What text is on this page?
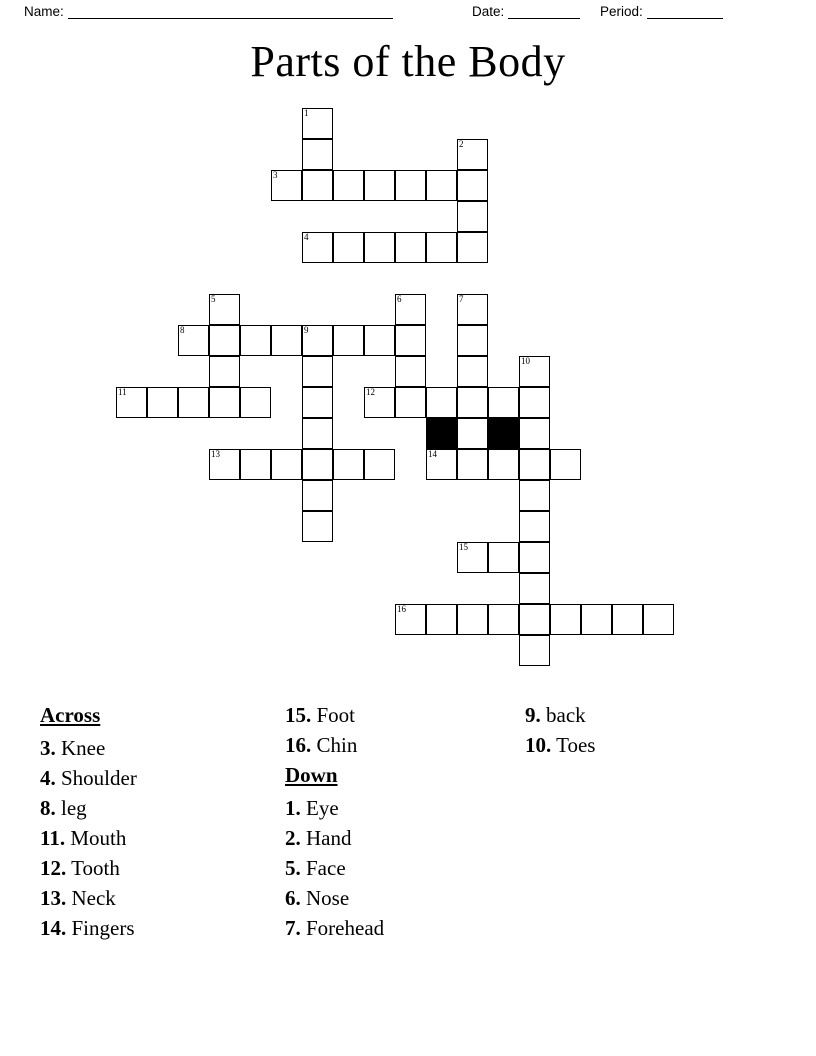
Name:	Date:	Period:
Parts of the Body
1
2
3
4
5	6	7
8	9
10
11	12
13	14
15
16
Across
3. Knee
4. Shoulder
8. leg
11. Mouth
12. Tooth
13. Neck
14. Fingers
15. Foot
16. Chin
Down
1. Eye
2. Hand
5. Face
6. Nose
7. Forehead
9. back
10. Toes
